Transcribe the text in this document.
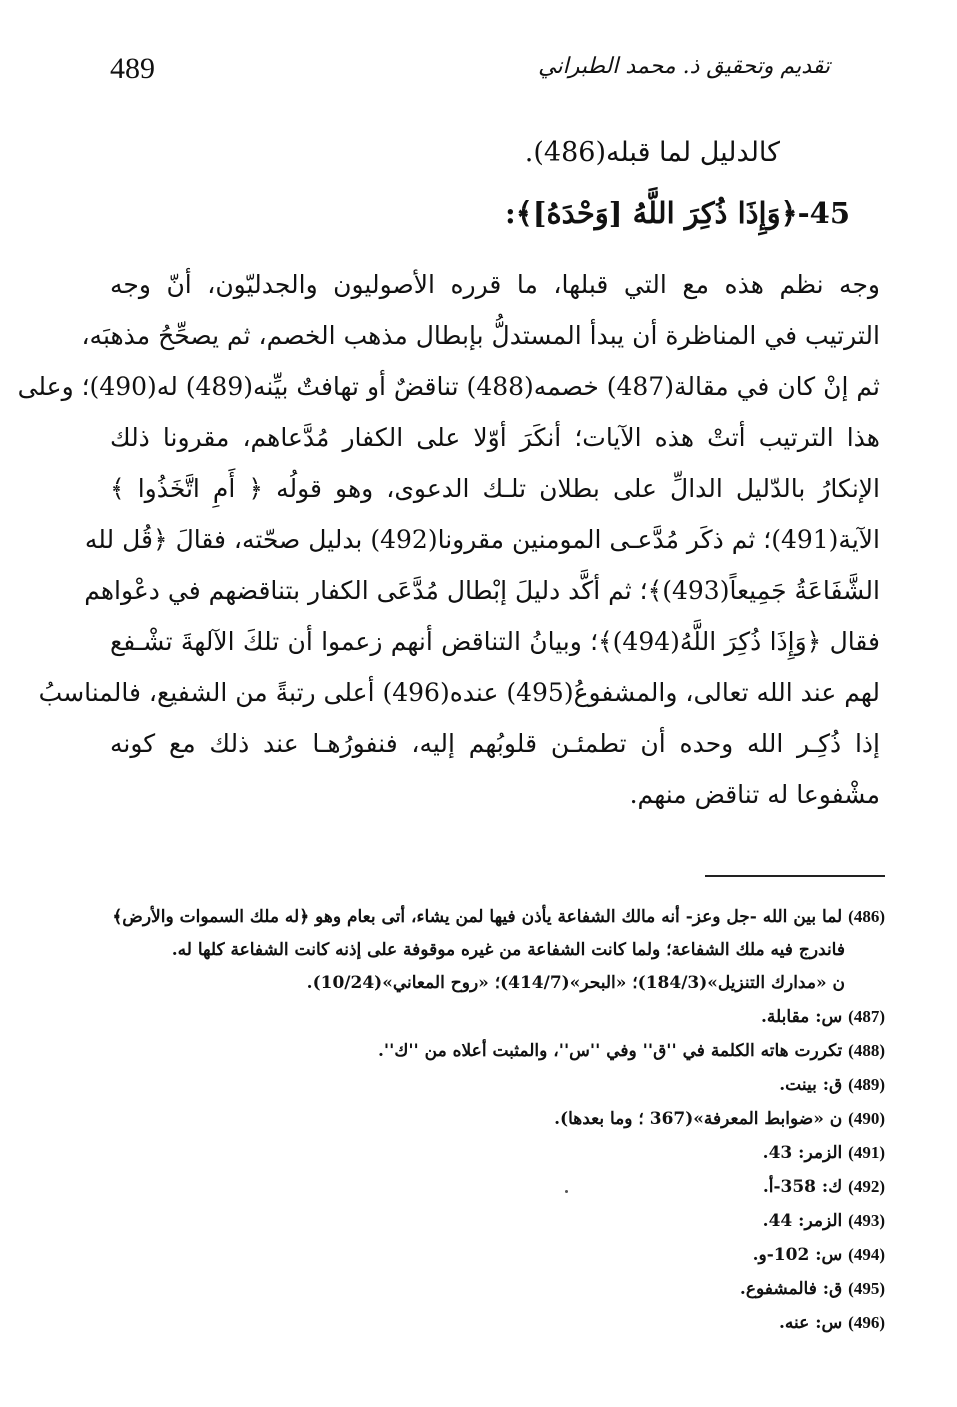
489	تقديم وتحقيق ذ. محمد الطبراني
كالدليل لما قبله(486).
45-﴿وَإِذَا ذُكِرَ اللَّهُ [وَحْدَهُ]﴾:
وجه نظم هذه مع التي قبلها، ما قرره الأصوليون والجدليّون، أنّ وجه
الترتيب في المناظرة أن يبدأ المستدلُّ بإبطال مذهب الخصم، ثم يصحِّحُ مذهبَه،
ثم إنْ كان في مقالة(487) خصمه(488) تناقضٌ أو تهافتٌ بيِّنه(489) له(490)؛ وعلى
هذا الترتيب أتتْ هذه الآيات؛ أنكَرَ أوّلا على الكفار مُدَّعاهم، مقرونا ذلك
الإنكارُ بالدّليل الدالِّ على بطلان تلـك الدعوى، وهو قولُه ﴿ أَمِ اتَّخَذُوا ﴾
الآية(491)؛ ثم ذكَر مُدَّعـى المومنين مقرونا(492) بدليل صحّته، فقالَ ﴿قُل لله
الشَّفَاعَةُ جَمِيعاً(493)﴾؛ ثم أكَّد دليلَ إبْطال مُدَّعَى الكفار بتناقضهم في دعْواهم
فقال ﴿وَإِذَا ذُكِرَ اللَّهُ(494)﴾؛ وبيانُ التناقض أنهم زعموا أن تلكَ الآلهةَ تشْـفع
لهم عند الله تعالى، والمشفوعُ(495) عنده(496) أعلى رتبةً من الشفيع، فالمناسبُ
إذا ذُكِـر الله وحده أن تطمئـن قلوبُهم إليه، فنفورُهـا عند ذلك مع كونه
مشْفوعا له تناقض منهم.
(486) لما بين الله -جل وعز- أنه مالك الشفاعة يأذن فيها لمن يشاء، أتى بعام وهو ﴿له ملك السموات والأرض﴾
فاندرج فيه ملك الشفاعة؛ ولما كانت الشفاعة من غيره موقوفة على إذنه كانت الشفاعة كلها له.
ن «مدارك التنزيل»(184/3)؛ «البحر»(414/7)؛ «روح المعاني»(10/24).
(487) س: مقابلة.
(488) تكررت هاته الكلمة في ''ق'' وفي ''س''، والمثبت أعلاه من ''ك''.
(489) ق: بينت.
(490) ن «ضوابط المعرفة»(367 ؛ وما بعدها).
(491) الزمر: 43.
(492) ك: 358-أ.
(493) الزمر: 44.
(494) س: 102-و.
(495) ق: فالمشفوع.
(496) س: عنه.
